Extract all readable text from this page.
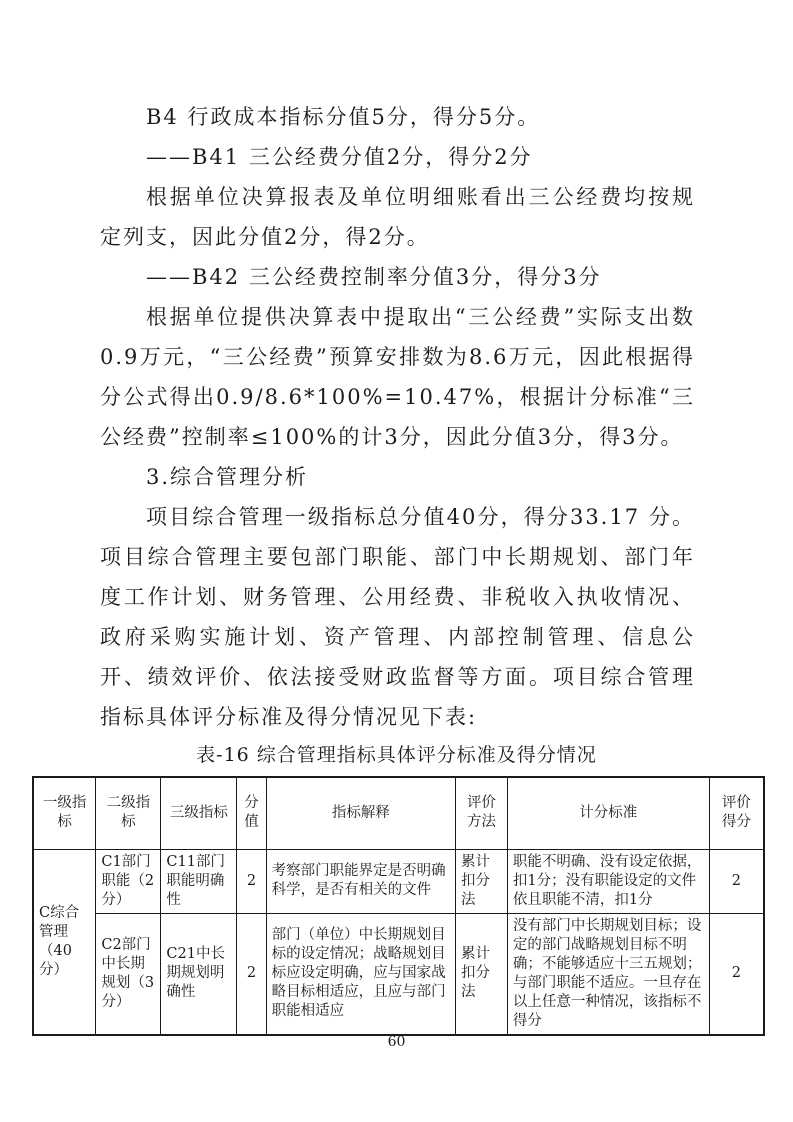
B4 行政成本指标分值5分，得分5分。

——B41 三公经费分值2分，得分2分

根据单位决算报表及单位明细账看出三公经费均按规定列支，因此分值2分，得2分。

——B42 三公经费控制率分值3分，得分3分

根据单位提供决算表中提取出“三公经费”实际支出数0.9万元，“三公经费”预算安排数为8.6万元，因此根据得分公式得出0.9/8.6*100%=10.47%，根据计分标准“三公经费”控制率≤100%的计3分，因此分值3分，得3分。

3.综合管理分析

项目综合管理一级指标总分值40分，得分33.17 分。项目综合管理主要包部门职能、部门中长期规划、部门年度工作计划、财务管理、公用经费、非税收入执收情况、政府采购实施计划、资产管理、内部控制管理、信息公开、绩效评价、依法接受财政监督等方面。项目综合管理指标具体评分标准及得分情况见下表:

表-16 综合管理指标具体评分标准及得分情况
一级指标	二级指标	三级指标	分值	指标解释	评价方法	计分标准	评价得分
C综合管理（40分）	C1部门职能（2分）	C11部门职能明确性	2	考察部门职能界定是否明确科学，是否有相关的文件	累计扣分法	职能不明确、没有设定依据，扣1分；没有职能设定的文件依且职能不清，扣1分	2
	C2部门中长期规划（3分）	C21中长期规划明确性	2	部门（单位）中长期规划目标的设定情况；战略规划目标应设定明确，应与国家战略目标相适应，且应与部门职能相适应	累计扣分法	没有部门中长期规划目标；设定的部门战略规划目标不明确；不能够适应十三五规划；与部门职能不适应。一旦存在以上任意一种情况，该指标不得分	2
60
